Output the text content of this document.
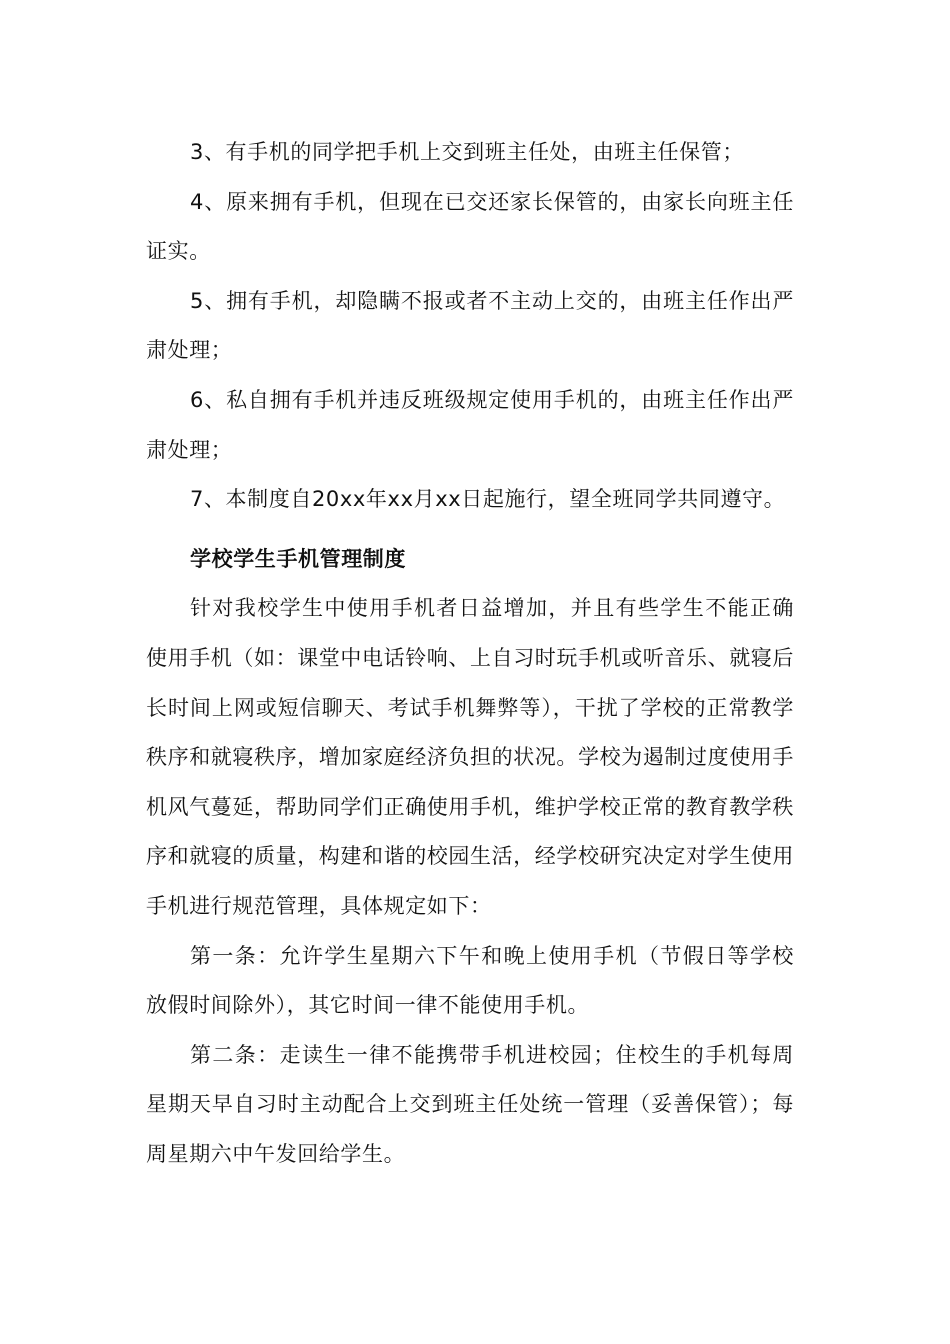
3、有手机的同学把手机上交到班主任处，由班主任保管；

4、原来拥有手机，但现在已交还家长保管的，由家长向班主任证实。

5、拥有手机，却隐瞒不报或者不主动上交的，由班主任作出严肃处理；

6、私自拥有手机并违反班级规定使用手机的，由班主任作出严肃处理；

7、本制度自20xx年xx月xx日起施行，望全班同学共同遵守。

学校学生手机管理制度

针对我校学生中使用手机者日益增加，并且有些学生不能正确使用手机（如：课堂中电话铃响、上自习时玩手机或听音乐、就寝后长时间上网或短信聊天、考试手机舞弊等），干扰了学校的正常教学秩序和就寝秩序，增加家庭经济负担的状况。学校为遏制过度使用手机风气蔓延，帮助同学们正确使用手机，维护学校正常的教育教学秩序和就寝的质量，构建和谐的校园生活，经学校研究决定对学生使用手机进行规范管理，具体规定如下：

第一条：允许学生星期六下午和晚上使用手机（节假日等学校放假时间除外），其它时间一律不能使用手机。

第二条：走读生一律不能携带手机进校园；住校生的手机每周星期天早自习时主动配合上交到班主任处统一管理（妥善保管）；每周星期六中午发回给学生。
